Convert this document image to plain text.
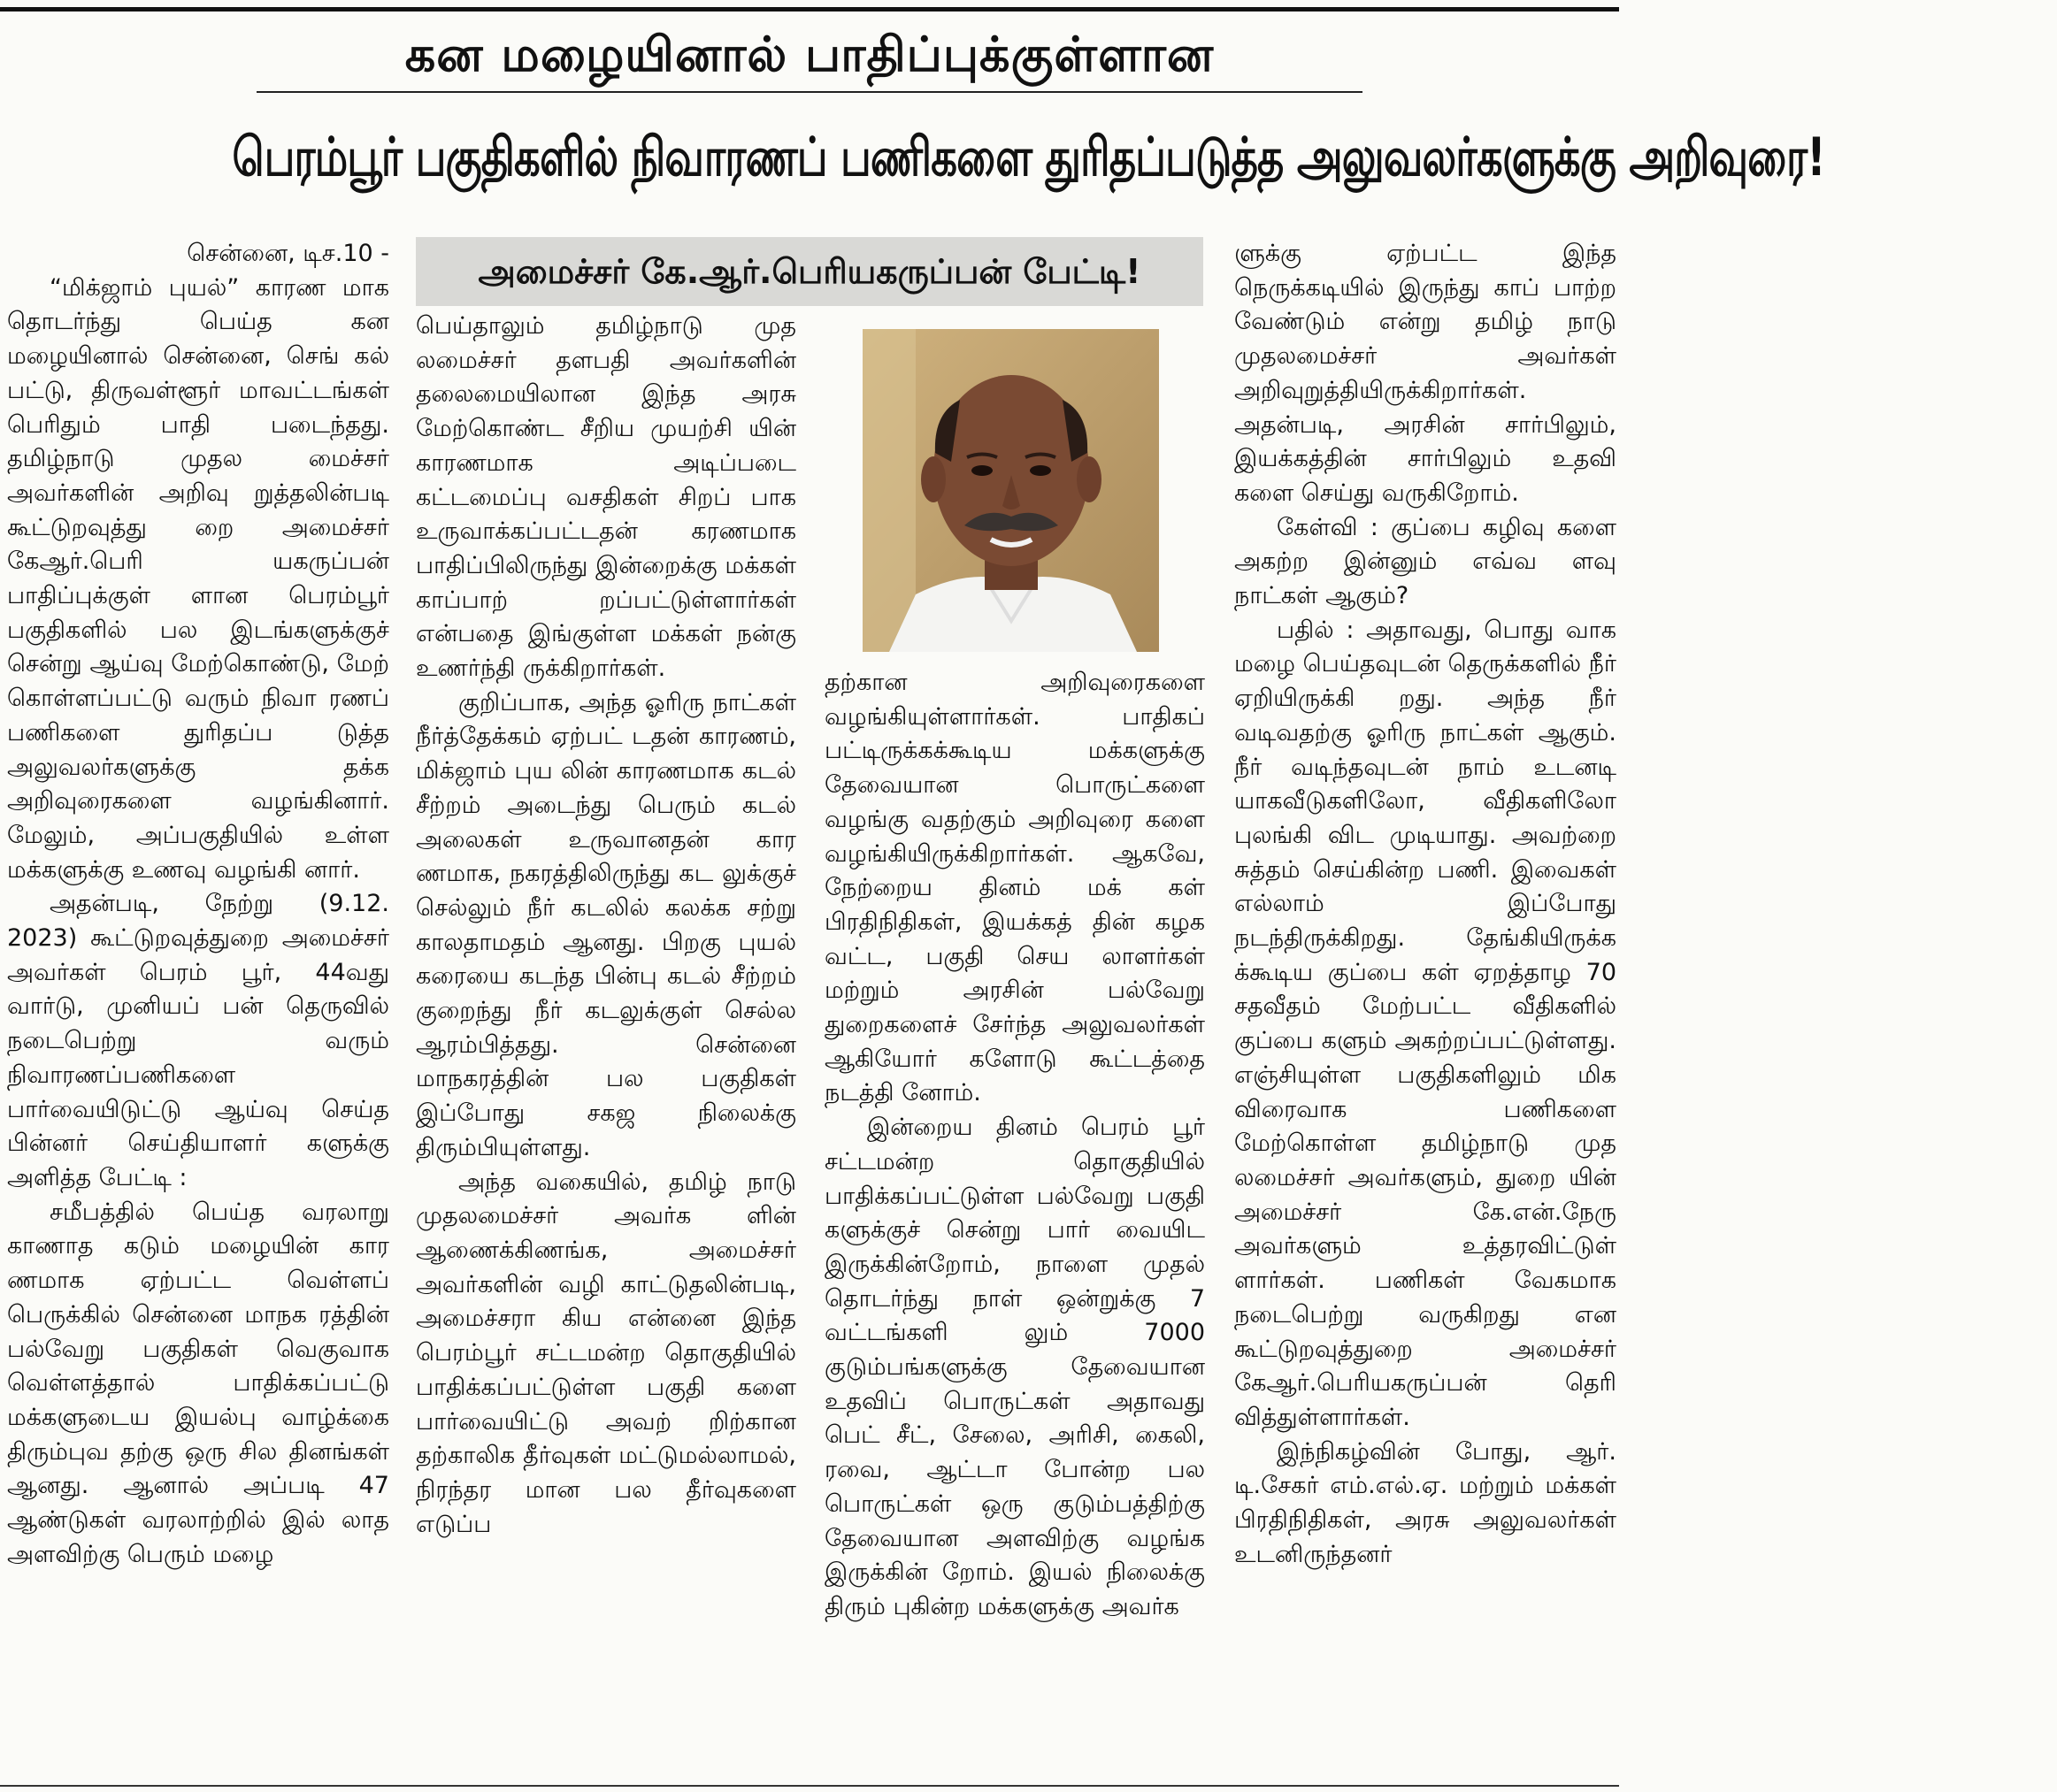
கன மழையினால் பாதிப்புக்குள்ளான
பெரம்பூர் பகுதிகளில் நிவாரணப் பணிகளை துரிதப்படுத்த அலுவலர்களுக்கு அறிவுரை!

சென்னை, டிச.10 -

“மிக்ஜாம் புயல்” காரண மாக தொடர்ந்து பெய்த கன மழையினால் சென்னை, செங் கல் பட்டு, திருவள்ளூர் மாவட்டங்கள் பெரிதும் பாதி படைந்தது. தமிழ்நாடு முதல மைச்சர் அவர்களின் அறிவு றுத்தலின்படி கூட்டுறவுத்து றை அமைச்சர் கேஆர்.பெரி யகருப்பன் பாதிப்புக்குள் ளான பெரம்பூர் பகுதிகளில் பல இடங்களுக்குச் சென்று ஆய்வு மேற்கொண்டு, மேற் கொள்ளப்பட்டு வரும் நிவா ரணப் பணிகளை துரிதப்ப டுத்த அலுவலர்களுக்கு தக்க அறிவுரைகளை வழங்கினார். மேலும், அப்பகுதியில் உள்ள மக்களுக்கு உணவு வழங்கி னார்.

அதன்படி, நேற்று (9.12. 2023) கூட்டுறவுத்துறை அமைச்சர் அவர்கள் பெரம் பூர், 44வது வார்டு, முனியப் பன் தெருவில் நடைபெற்று வரும் நிவாரணப்பணிகளை பார்வையிடுட்டு ஆய்வு செய்த பின்னர் செய்தியாளர் களுக்கு அளித்த பேட்டி :

சமீபத்தில் பெய்த வரலாறு காணாத கடும் மழையின் கார ணமாக ஏற்பட்ட வெள்ளப் பெருக்கில் சென்னை மாநக ரத்தின் பல்வேறு பகுதிகள் வெகுவாக வெள்ளத்தால் பாதிக்கப்பட்டு மக்களுடைய இயல்பு வாழ்க்கை திரும்புவ தற்கு ஒரு சில தினங்கள் ஆனது. ஆனால் அப்படி 47 ஆண்டுகள் வரலாற்றில் இல் லாத அளவிற்கு பெரும் மழை

அமைச்சர் கே.ஆர்.பெரியகருப்பன் பேட்டி!

பெய்தாலும் தமிழ்நாடு முத லமைச்சர் தளபதி அவர்களின் தலைமையிலான இந்த அரசு மேற்கொண்ட சீறிய முயற்சி யின் காரணமாக அடிப்படை கட்டமைப்பு வசதிகள் சிறப் பாக உருவாக்கப்பட்டதன் கரணமாக பாதிப்பிலிருந்து இன்றைக்கு மக்கள் காப்பாற் றப்பட்டுள்ளார்கள் என்பதை இங்குள்ள மக்கள் நன்கு உணர்ந்தி ருக்கிறார்கள்.

குறிப்பாக, அந்த ஓரிரு நாட்கள் நீர்த்தேக்கம் ஏற்பட் டதன் காரணம், மிக்ஜாம் புய லின் காரணமாக கடல் சீற்றம் அடைந்து பெரும் கடல் அலைகள் உருவானதன் கார ணமாக, நகரத்திலிருந்து கட லுக்குச் செல்லும் நீர் கடலில் கலக்க சற்று காலதாமதம் ஆனது. பிறகு புயல் கரையை கடந்த பின்பு கடல் சீற்றம் குறைந்து நீர் கடலுக்குள் செல்ல ஆரம்பித்தது. சென்னை மாநகரத்தின் பல பகுதிகள் இப்போது சகஜ நிலைக்கு திரும்பியுள்ளது.

அந்த வகையில், தமிழ் நாடு முதலமைச்சர் அவர்க ளின் ஆணைக்கிணங்க, அமைச்சர் அவர்களின் வழி காட்டுதலின்படி, அமைச்சரா கிய என்னை இந்த பெரம்பூர் சட்டமன்ற தொகுதியில் பாதிக்கப்பட்டுள்ள பகுதி களை பார்வையிட்டு அவற் றிற்கான தற்காலிக தீர்வுகள் மட்டுமல்லாமல், நிரந்தர மான பல தீர்வுகளை எடுப்ப

தற்கான அறிவுரைகளை வழங்கியுள்ளார்கள். பாதிகப் பட்டிருக்கக்கூடிய மக்களுக்கு தேவையான பொருட்களை வழங்கு வதற்கும் அறிவுரை களை வழங்கியிருக்கிறார்கள். ஆகவே, நேற்றைய தினம் மக் கள் பிரதிநிதிகள், இயக்கத் தின் கழக வட்ட, பகுதி செய லாளர்கள் மற்றும் அரசின் பல்வேறு துறைகளைச் சேர்ந்த அலுவலர்கள் ஆகியோர் களோடு கூட்டத்தை நடத்தி னோம்.

இன்றைய தினம் பெரம் பூர் சட்டமன்ற தொகுதியில் பாதிக்கப்பட்டுள்ள பல்வேறு பகுதி களுக்குச் சென்று பார் வையிட இருக்கின்றோம், நாளை முதல் தொடர்ந்து நாள் ஒன்றுக்கு 7 வட்டங்களி லும் 7000 குடும்பங்களுக்கு தேவையான உதவிப் பொருட்கள் அதாவது பெட் சீட், சேலை, அரிசி, கைலி, ரவை, ஆட்டா போன்ற பல பொருட்கள் ஒரு குடும்பத்திற்கு தேவையான அளவிற்கு வழங்க இருக்கின் றோம். இயல் நிலைக்கு திரும் புகின்ற மக்களுக்கு அவர்க

ளுக்கு ஏற்பட்ட இந்த நெருக்கடியில் இருந்து காப் பாற்ற வேண்டும் என்று தமிழ் நாடு முதலமைச்சர் அவர்கள் அறிவுறுத்தியிருக்கிறார்கள். அதன்படி, அரசின் சார்பிலும், இயக்கத்தின் சார்பிலும் உதவி களை செய்து வருகிறோம்.

கேள்வி : குப்பை கழிவு களை அகற்ற இன்னும் எவ்வ ளவு நாட்கள் ஆகும்?

பதில் : அதாவது, பொது வாக மழை பெய்தவுடன் தெருக்களில் நீர் ஏறியிருக்கி றது. அந்த நீர் வடிவதற்கு ஓரிரு நாட்கள் ஆகும். நீர் வடிந்தவுடன் நாம் உடனடி யாகவீடுகளிலோ, வீதிகளிலோ புலங்கி விட முடியாது. அவற்றை சுத்தம் செய்கின்ற பணி. இவைகள் எல்லாம் இப்போது நடந்திருக்கிறது. தேங்கியிருக்க க்கூடிய குப்பை கள் ஏறத்தாழ 70 சதவீதம் மேற்பட்ட வீதிகளில் குப்பை களும் அகற்றப்பட்டுள்ளது. எஞ்சியுள்ள பகுதிகளிலும் மிக விரைவாக பணிகளை மேற்கொள்ள தமிழ்நாடு முத லமைச்சர் அவர்களும், துறை யின் அமைச்சர் கே.என்.நேரு அவர்களும் உத்தரவிட்டுள் ளார்கள். பணிகள் வேகமாக நடைபெற்று வருகிறது என கூட்டுறவுத்துறை அமைச்சர் கேஆர்.பெரியகருப்பன் தெரி வித்துள்ளார்கள்.

இந்நிகழ்வின் போது, ஆர். டி.சேகர் எம்.எல்.ஏ. மற்றும் மக்கள் பிரதிநிதிகள், அரசு அலுவலர்கள் உடனிருந்தனர்
